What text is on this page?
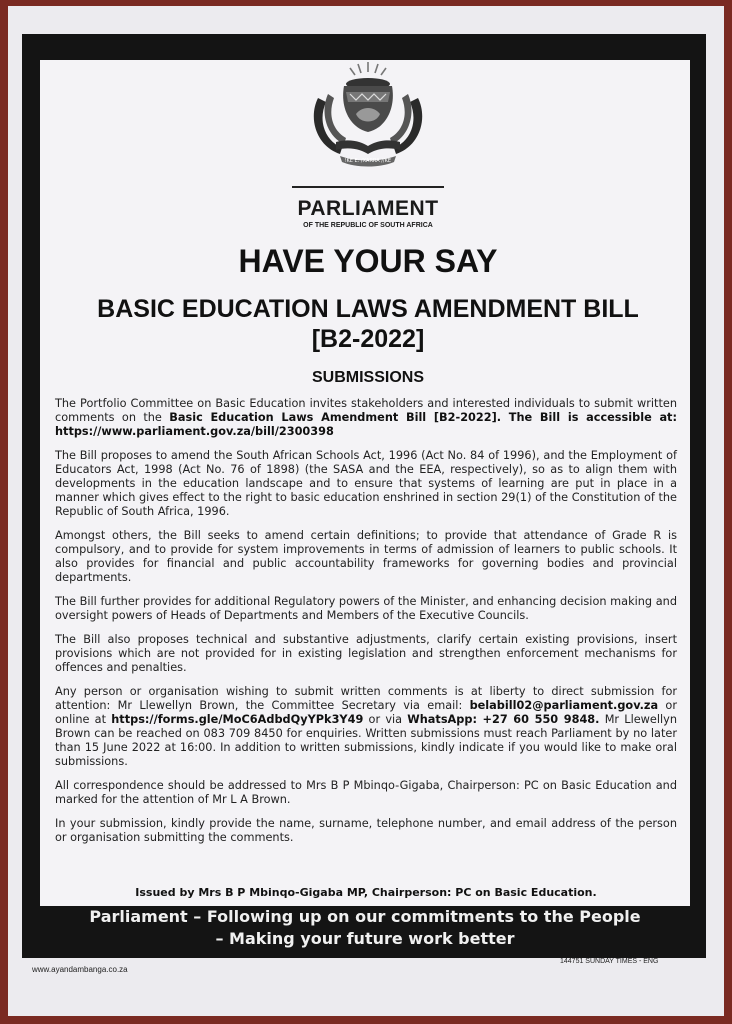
ǃKE E: /XARRA //KE
PARLIAMENT
OF THE REPUBLIC OF SOUTH AFRICA
HAVE YOUR SAY
BASIC EDUCATION LAWS AMENDMENT BILL
[B2-2022]
SUBMISSIONS

The Portfolio Committee on Basic Education invites stakeholders and interested individuals to submit written comments on the Basic Education Laws Amendment Bill [B2-2022]. The Bill is accessible at: https://www.parliament.gov.za/bill/2300398

The Bill proposes to amend the South African Schools Act, 1996 (Act No. 84 of 1996), and the Employment of Educators Act, 1998 (Act No. 76 of 1898) (the SASA and the EEA, respectively), so as to align them with developments in the education landscape and to ensure that systems of learning are put in place in a manner which gives effect to the right to basic education enshrined in section 29(1) of the Constitution of the Republic of South Africa, 1996.

Amongst others, the Bill seeks to amend certain definitions; to provide that attendance of Grade R is compulsory, and to provide for system improvements in terms of admission of learners to public schools. It also provides for financial and public accountability frameworks for governing bodies and provincial departments.

The Bill further provides for additional Regulatory powers of the Minister, and enhancing decision making and oversight powers of Heads of Departments and Members of the Executive Councils.

The Bill also proposes technical and substantive adjustments, clarify certain existing provisions, insert provisions which are not provided for in existing legislation and strengthen enforcement mechanisms for offences and penalties.

Any person or organisation wishing to submit written comments is at liberty to direct submission for attention: Mr Llewellyn Brown, the Committee Secretary via email: belabill02@parliament.gov.za or online at https://forms.gle/MoC6AdbdQyYPk3Y49 or via WhatsApp: +27 60 550 9848. Mr Llewellyn Brown can be reached on 083 709 8450 for enquiries. Written submissions must reach Parliament by no later than 15 June 2022 at 16:00. In addition to written submissions, kindly indicate if you would like to make oral submissions.

All correspondence should be addressed to Mrs B P Mbinqo-Gigaba, Chairperson: PC on Basic Education and marked for the attention of Mr L A Brown.

In your submission, kindly provide the name, surname, telephone number, and email address of the person or organisation submitting the comments.

Issued by Mrs B P Mbinqo-Gigaba MP, Chairperson: PC on Basic Education.
Parliament – Following up on our commitments to the People
– Making your future work better
www.ayandambanga.co.za
144751 SUNDAY TIMES - ENG
